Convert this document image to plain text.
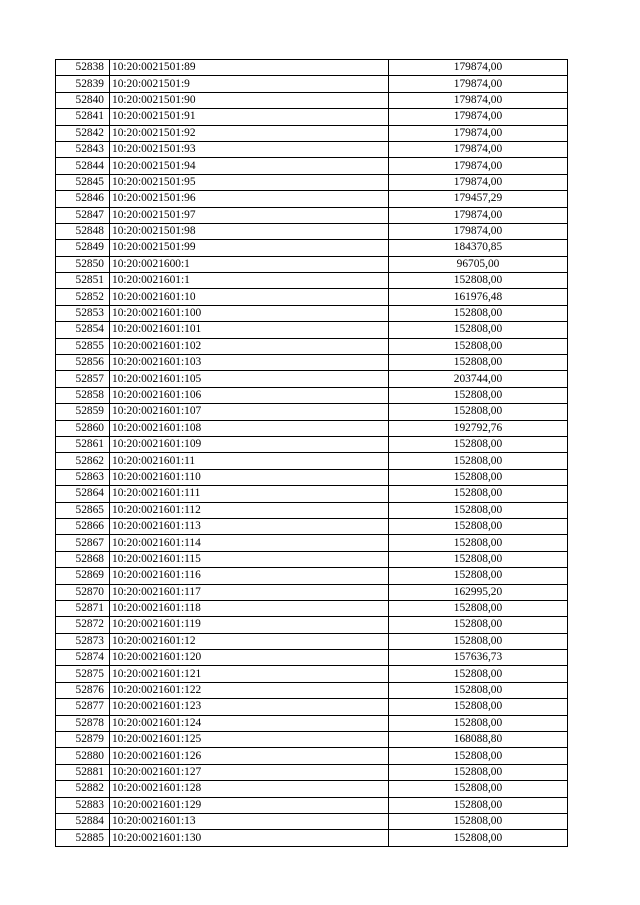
52838	10:20:0021501:89	179874,00
52839	10:20:0021501:9	179874,00
52840	10:20:0021501:90	179874,00
52841	10:20:0021501:91	179874,00
52842	10:20:0021501:92	179874,00
52843	10:20:0021501:93	179874,00
52844	10:20:0021501:94	179874,00
52845	10:20:0021501:95	179874,00
52846	10:20:0021501:96	179457,29
52847	10:20:0021501:97	179874,00
52848	10:20:0021501:98	179874,00
52849	10:20:0021501:99	184370,85
52850	10:20:0021600:1	96705,00
52851	10:20:0021601:1	152808,00
52852	10:20:0021601:10	161976,48
52853	10:20:0021601:100	152808,00
52854	10:20:0021601:101	152808,00
52855	10:20:0021601:102	152808,00
52856	10:20:0021601:103	152808,00
52857	10:20:0021601:105	203744,00
52858	10:20:0021601:106	152808,00
52859	10:20:0021601:107	152808,00
52860	10:20:0021601:108	192792,76
52861	10:20:0021601:109	152808,00
52862	10:20:0021601:11	152808,00
52863	10:20:0021601:110	152808,00
52864	10:20:0021601:111	152808,00
52865	10:20:0021601:112	152808,00
52866	10:20:0021601:113	152808,00
52867	10:20:0021601:114	152808,00
52868	10:20:0021601:115	152808,00
52869	10:20:0021601:116	152808,00
52870	10:20:0021601:117	162995,20
52871	10:20:0021601:118	152808,00
52872	10:20:0021601:119	152808,00
52873	10:20:0021601:12	152808,00
52874	10:20:0021601:120	157636,73
52875	10:20:0021601:121	152808,00
52876	10:20:0021601:122	152808,00
52877	10:20:0021601:123	152808,00
52878	10:20:0021601:124	152808,00
52879	10:20:0021601:125	168088,80
52880	10:20:0021601:126	152808,00
52881	10:20:0021601:127	152808,00
52882	10:20:0021601:128	152808,00
52883	10:20:0021601:129	152808,00
52884	10:20:0021601:13	152808,00
52885	10:20:0021601:130	152808,00
